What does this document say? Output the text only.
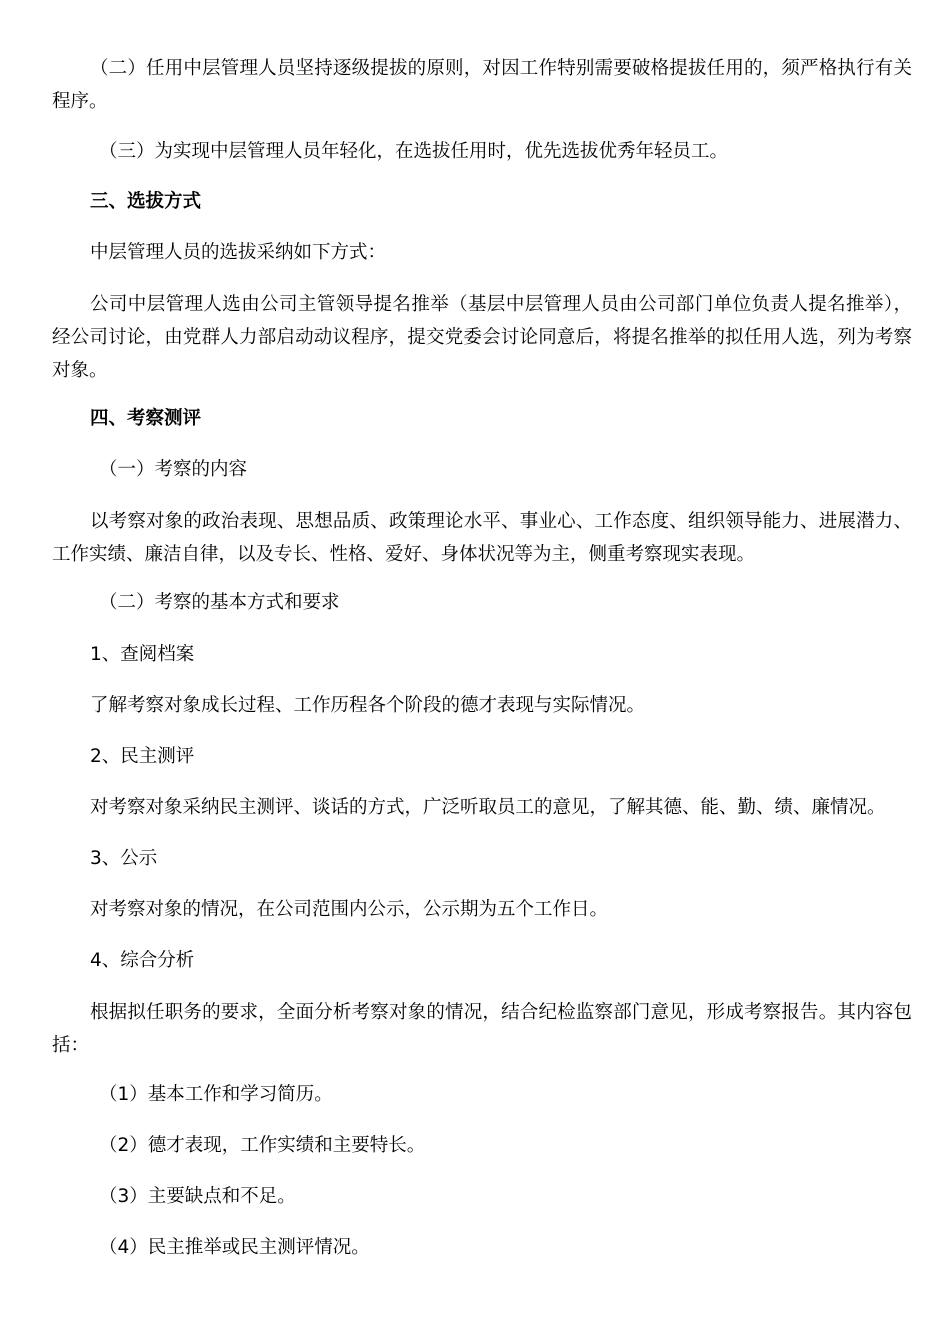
（二）任用中层管理人员坚持逐级提拔的原则，对因工作特别需要破格提拔任用的，须严格执行有关程序。
（三）为实现中层管理人员年轻化，在选拔任用时，优先选拔优秀年轻员工。
三、选拔方式
中层管理人员的选拔采纳如下方式：
公司中层管理人选由公司主管领导提名推举（基层中层管理人员由公司部门单位负责人提名推举），经公司讨论，由党群人力部启动动议程序，提交党委会讨论同意后，将提名推举的拟任用人选，列为考察对象。
四、考察测评
（一）考察的内容
以考察对象的政治表现、思想品质、政策理论水平、事业心、工作态度、组织领导能力、进展潜力、工作实绩、廉洁自律，以及专长、性格、爱好、身体状况等为主，侧重考察现实表现。
（二）考察的基本方式和要求
1、查阅档案
了解考察对象成长过程、工作历程各个阶段的德才表现与实际情况。
2、民主测评
对考察对象采纳民主测评、谈话的方式，广泛听取员工的意见，了解其德、能、勤、绩、廉情况。
3、公示
对考察对象的情况，在公司范围内公示，公示期为五个工作日。
4、综合分析
根据拟任职务的要求，全面分析考察对象的情况，结合纪检监察部门意见，形成考察报告。其内容包括：
（1）基本工作和学习简历。
（2）德才表现，工作实绩和主要特长。
（3）主要缺点和不足。
（4）民主推举或民主测评情况。
